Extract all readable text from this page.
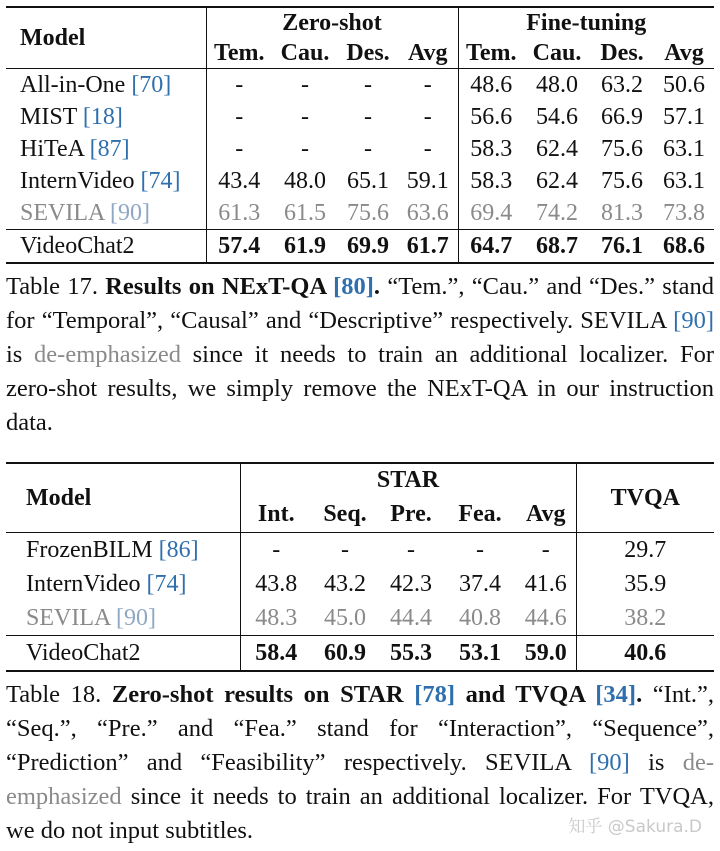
Model	Zero-shot				Fine-tuning			
	Tem.	Cau.	Des.	Avg	Tem.	Cau.	Des.	Avg
All-in-One [70]	-	-	-	-	48.6	48.0	63.2	50.6
MIST [18]	-	-	-	-	56.6	54.6	66.9	57.1
HiTeA [87]	-	-	-	-	58.3	62.4	75.6	63.1
InternVideo [74]	43.4	48.0	65.1	59.1	58.3	62.4	75.6	63.1
SEVILA [90]	61.3	61.5	75.6	63.6	69.4	74.2	81.3	73.8
VideoChat2	57.4	61.9	69.9	61.7	64.7	68.7	76.1	68.6

Table 17. Results on NExT-QA [80]. “Tem.”, “Cau.” and “Des.” stand for “Temporal”, “Causal” and “Descriptive” respectively. SEVILA [90] is de-emphasized since it needs to train an additional localizer. For zero-shot results, we simply remove the NExT-QA in our instruction data.

Model	STAR					TVQA
	Int.	Seq.	Pre.	Fea.	Avg	
FrozenBILM [86]	-	-	-	-	-	29.7
InternVideo [74]	43.8	43.2	42.3	37.4	41.6	35.9
SEVILA [90]	48.3	45.0	44.4	40.8	44.6	38.2
VideoChat2	58.4	60.9	55.3	53.1	59.0	40.6

Table 18. Zero-shot results on STAR [78] and TVQA [34]. “Int.”, “Seq.”, “Pre.” and “Fea.” stand for “Interaction”, “Sequence”, “Prediction” and “Feasibility” respectively. SEVILA [90] is de-emphasized since it needs to train an additional localizer. For TVQA, we do not input subtitles.	知乎 @Sakura.D
